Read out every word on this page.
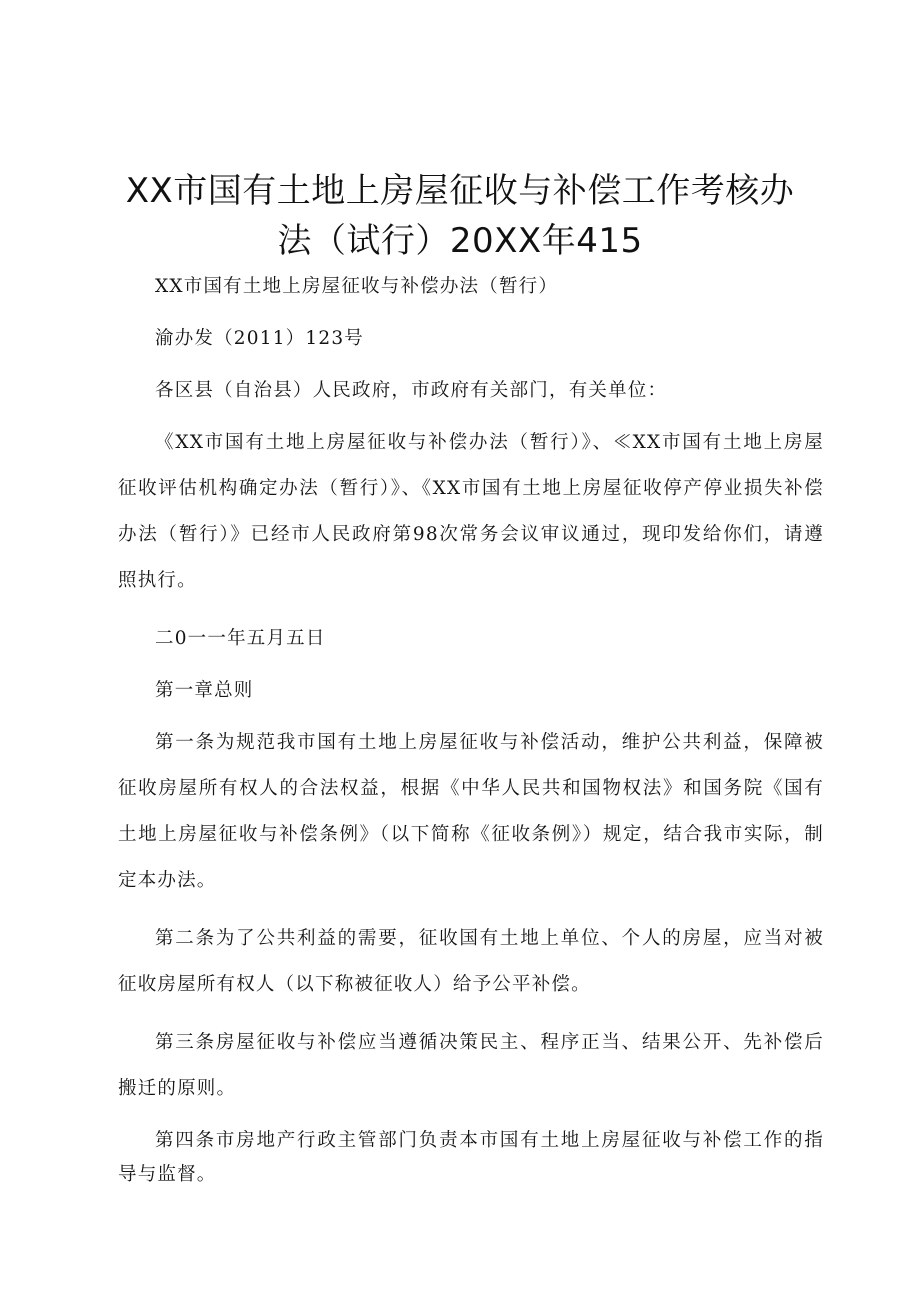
XX市国有土地上房屋征收与补偿工作考核办
法（试行）20XX年415

XX市国有土地上房屋征收与补偿办法（暂行）

渝办发（2011）123号

各区县（自治县）人民政府，市政府有关部门，有关单位：

《XX市国有土地上房屋征收与补偿办法（暂行）》、≪XX市国有土地上房屋征收评估机构确定办法（暂行）》、《XX市国有土地上房屋征收停产停业损失补偿办法（暂行）》已经市人民政府第98次常务会议审议通过，现印发给你们，请遵照执行。

二0一一年五月五日

第一章总则

第一条为规范我市国有土地上房屋征收与补偿活动，维护公共利益，保障被征收房屋所有权人的合法权益，根据《中华人民共和国物权法》和国务院《国有土地上房屋征收与补偿条例》（以下简称《征收条例》）规定，结合我市实际，制定本办法。

第二条为了公共利益的需要，征收国有土地上单位、个人的房屋，应当对被征收房屋所有权人（以下称被征收人）给予公平补偿。

第三条房屋征收与补偿应当遵循决策民主、程序正当、结果公开、先补偿后搬迁的原则。

第四条市房地产行政主管部门负责本市国有土地上房屋征收与补偿工作的指导与监督。
